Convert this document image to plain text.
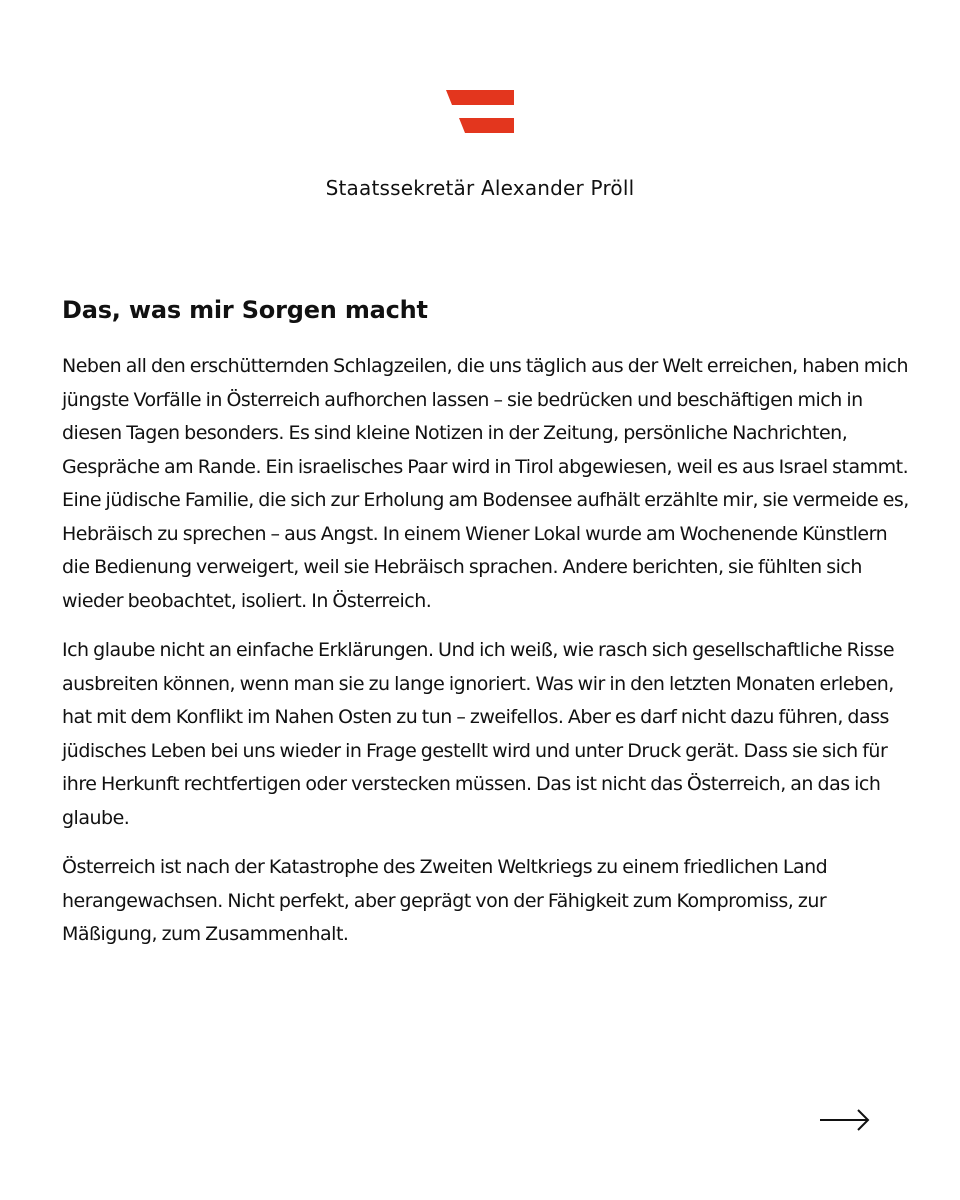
Staatssekretär Alexander Pröll
Das, was mir Sorgen macht

Neben all den erschütternden Schlagzeilen, die uns täglich aus der Welt erreichen, haben mich jüngste Vorfälle in Österreich aufhorchen lassen – sie bedrücken und beschäftigen mich in diesen Tagen besonders. Es sind kleine Notizen in der Zeitung, persönliche Nachrichten, Gespräche am Rande. Ein israelisches Paar wird in Tirol abgewiesen, weil es aus Israel stammt. Eine jüdische Familie, die sich zur Erholung am Bodensee aufhält erzählte mir, sie vermeide es, Hebräisch zu sprechen – aus Angst. In einem Wiener Lokal wurde am Wochenende Künstlern die Bedienung verweigert, weil sie Hebräisch sprachen. Andere berichten, sie fühlten sich wieder beobachtet, isoliert. In Österreich.

Ich glaube nicht an einfache Erklärungen. Und ich weiß, wie rasch sich gesellschaftliche Risse ausbreiten können, wenn man sie zu lange ignoriert. Was wir in den letzten Monaten erleben, hat mit dem Konflikt im Nahen Osten zu tun – zweifellos. Aber es darf nicht dazu führen, dass jüdisches Leben bei uns wieder in Frage gestellt wird und unter Druck gerät. Dass sie sich für ihre Herkunft rechtfertigen oder verstecken müssen. Das ist nicht das Österreich, an das ich glaube.

Österreich ist nach der Katastrophe des Zweiten Weltkriegs zu einem friedlichen Land herangewachsen. Nicht perfekt, aber geprägt von der Fähigkeit zum Kompromiss, zur Mäßigung, zum Zusammenhalt.
